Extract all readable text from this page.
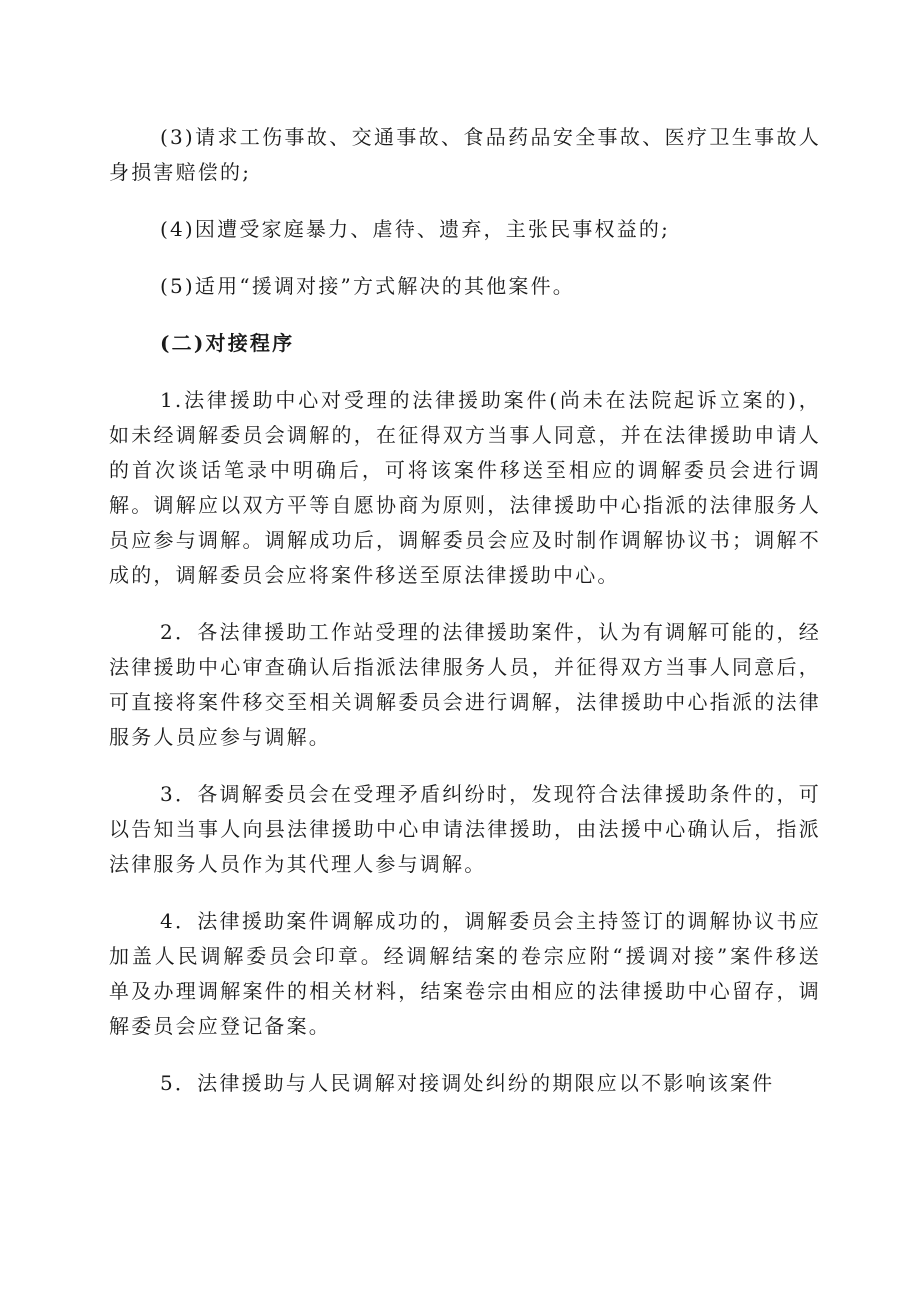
(3)请求工伤事故、交通事故、食品药品安全事故、医疗卫生事故人身损害赔偿的;

(4)因遭受家庭暴力、虐待、遗弃，主张民事权益的;

(5)适用“援调对接”方式解决的其他案件。

(二)对接程序

1.法律援助中心对受理的法律援助案件(尚未在法院起诉立案的)，如未经调解委员会调解的，在征得双方当事人同意，并在法律援助申请人的首次谈话笔录中明确后，可将该案件移送至相应的调解委员会进行调解。调解应以双方平等自愿协商为原则，法律援助中心指派的法律服务人员应参与调解。调解成功后，调解委员会应及时制作调解协议书；调解不成的，调解委员会应将案件移送至原法律援助中心。

2．各法律援助工作站受理的法律援助案件，认为有调解可能的，经法律援助中心审查确认后指派法律服务人员，并征得双方当事人同意后，可直接将案件移交至相关调解委员会进行调解，法律援助中心指派的法律服务人员应参与调解。

3．各调解委员会在受理矛盾纠纷时，发现符合法律援助条件的，可以告知当事人向县法律援助中心申请法律援助，由法援中心确认后，指派法律服务人员作为其代理人参与调解。

4．法律援助案件调解成功的，调解委员会主持签订的调解协议书应加盖人民调解委员会印章。经调解结案的卷宗应附“援调对接”案件移送单及办理调解案件的相关材料，结案卷宗由相应的法律援助中心留存，调解委员会应登记备案。

5．法律援助与人民调解对接调处纠纷的期限应以不影响该案件
